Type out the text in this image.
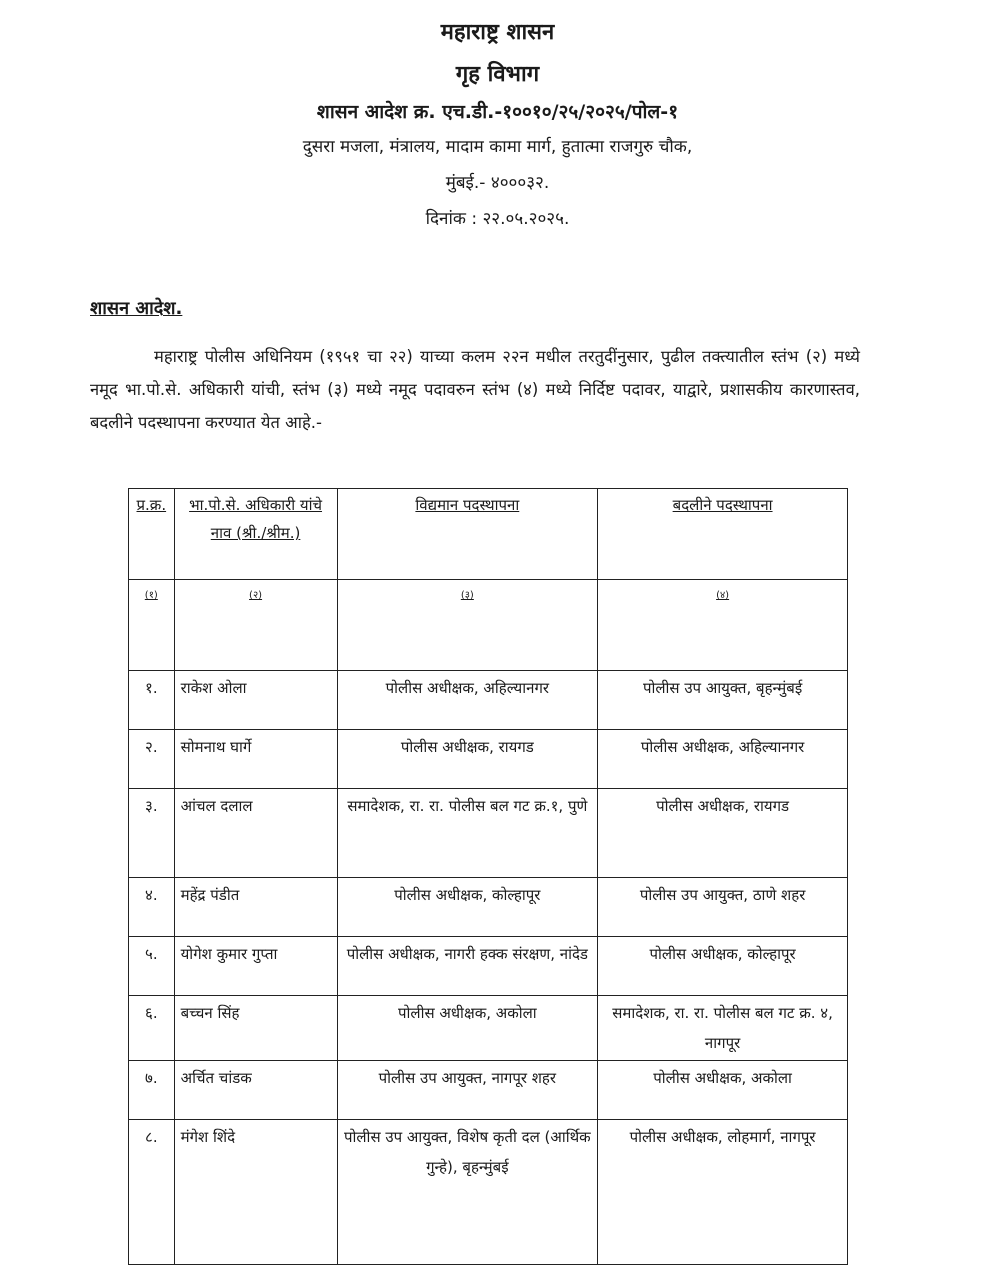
महाराष्ट्र शासन
गृह विभाग
शासन आदेश क्र. एच.डी.-१००१०/२५/२०२५/पोल-१
दुसरा मजला, मंत्रालय, मादाम कामा मार्ग, हुतात्मा राजगुरु चौक,
मुंबई.- ४०००३२.
दिनांक : २२.०५.२०२५.
शासन आदेश.
महाराष्ट्र पोलीस अधिनियम (१९५१ चा २२) याच्या कलम २२न मधील तरतुदींनुसार, पुढील तक्त्यातील स्तंभ (२) मध्ये नमूद भा.पो.से. अधिकारी यांची, स्तंभ (३) मध्ये नमूद पदावरुन स्तंभ (४) मध्ये निर्दिष्ट पदावर, याद्वारे, प्रशासकीय कारणास्तव, बदलीने पदस्थापना करण्यात येत आहे.-
प्र.क्र.	भा.पो.से. अधिकारी यांचे नाव (श्री./श्रीम.)	विद्यमान पदस्थापना	बदलीने पदस्थापना
(१)	(२)	(३)	(४)
१.	राकेश ओला	पोलीस अधीक्षक, अहिल्यानगर	पोलीस उप आयुक्त, बृहन्मुंबई
२.	सोमनाथ घार्गे	पोलीस अधीक्षक, रायगड	पोलीस अधीक्षक, अहिल्यानगर
३.	आंचल दलाल	समादेशक, रा. रा. पोलीस बल गट क्र.१, पुणे	पोलीस अधीक्षक, रायगड
४.	महेंद्र पंडीत	पोलीस अधीक्षक, कोल्हापूर	पोलीस उप आयुक्त, ठाणे शहर
५.	योगेश कुमार गुप्ता	पोलीस अधीक्षक, नागरी हक्क संरक्षण, नांदेड	पोलीस अधीक्षक, कोल्हापूर
६.	बच्चन सिंह	पोलीस अधीक्षक, अकोला	समादेशक, रा. रा. पोलीस बल गट क्र. ४, नागपूर
७.	अर्चित चांडक	पोलीस उप आयुक्त, नागपूर शहर	पोलीस अधीक्षक, अकोला
८.	मंगेश शिंदे	पोलीस उप आयुक्त, विशेष कृती दल (आर्थिक गुन्हे), बृहन्मुंबई	पोलीस अधीक्षक, लोहमार्ग, नागपूर
